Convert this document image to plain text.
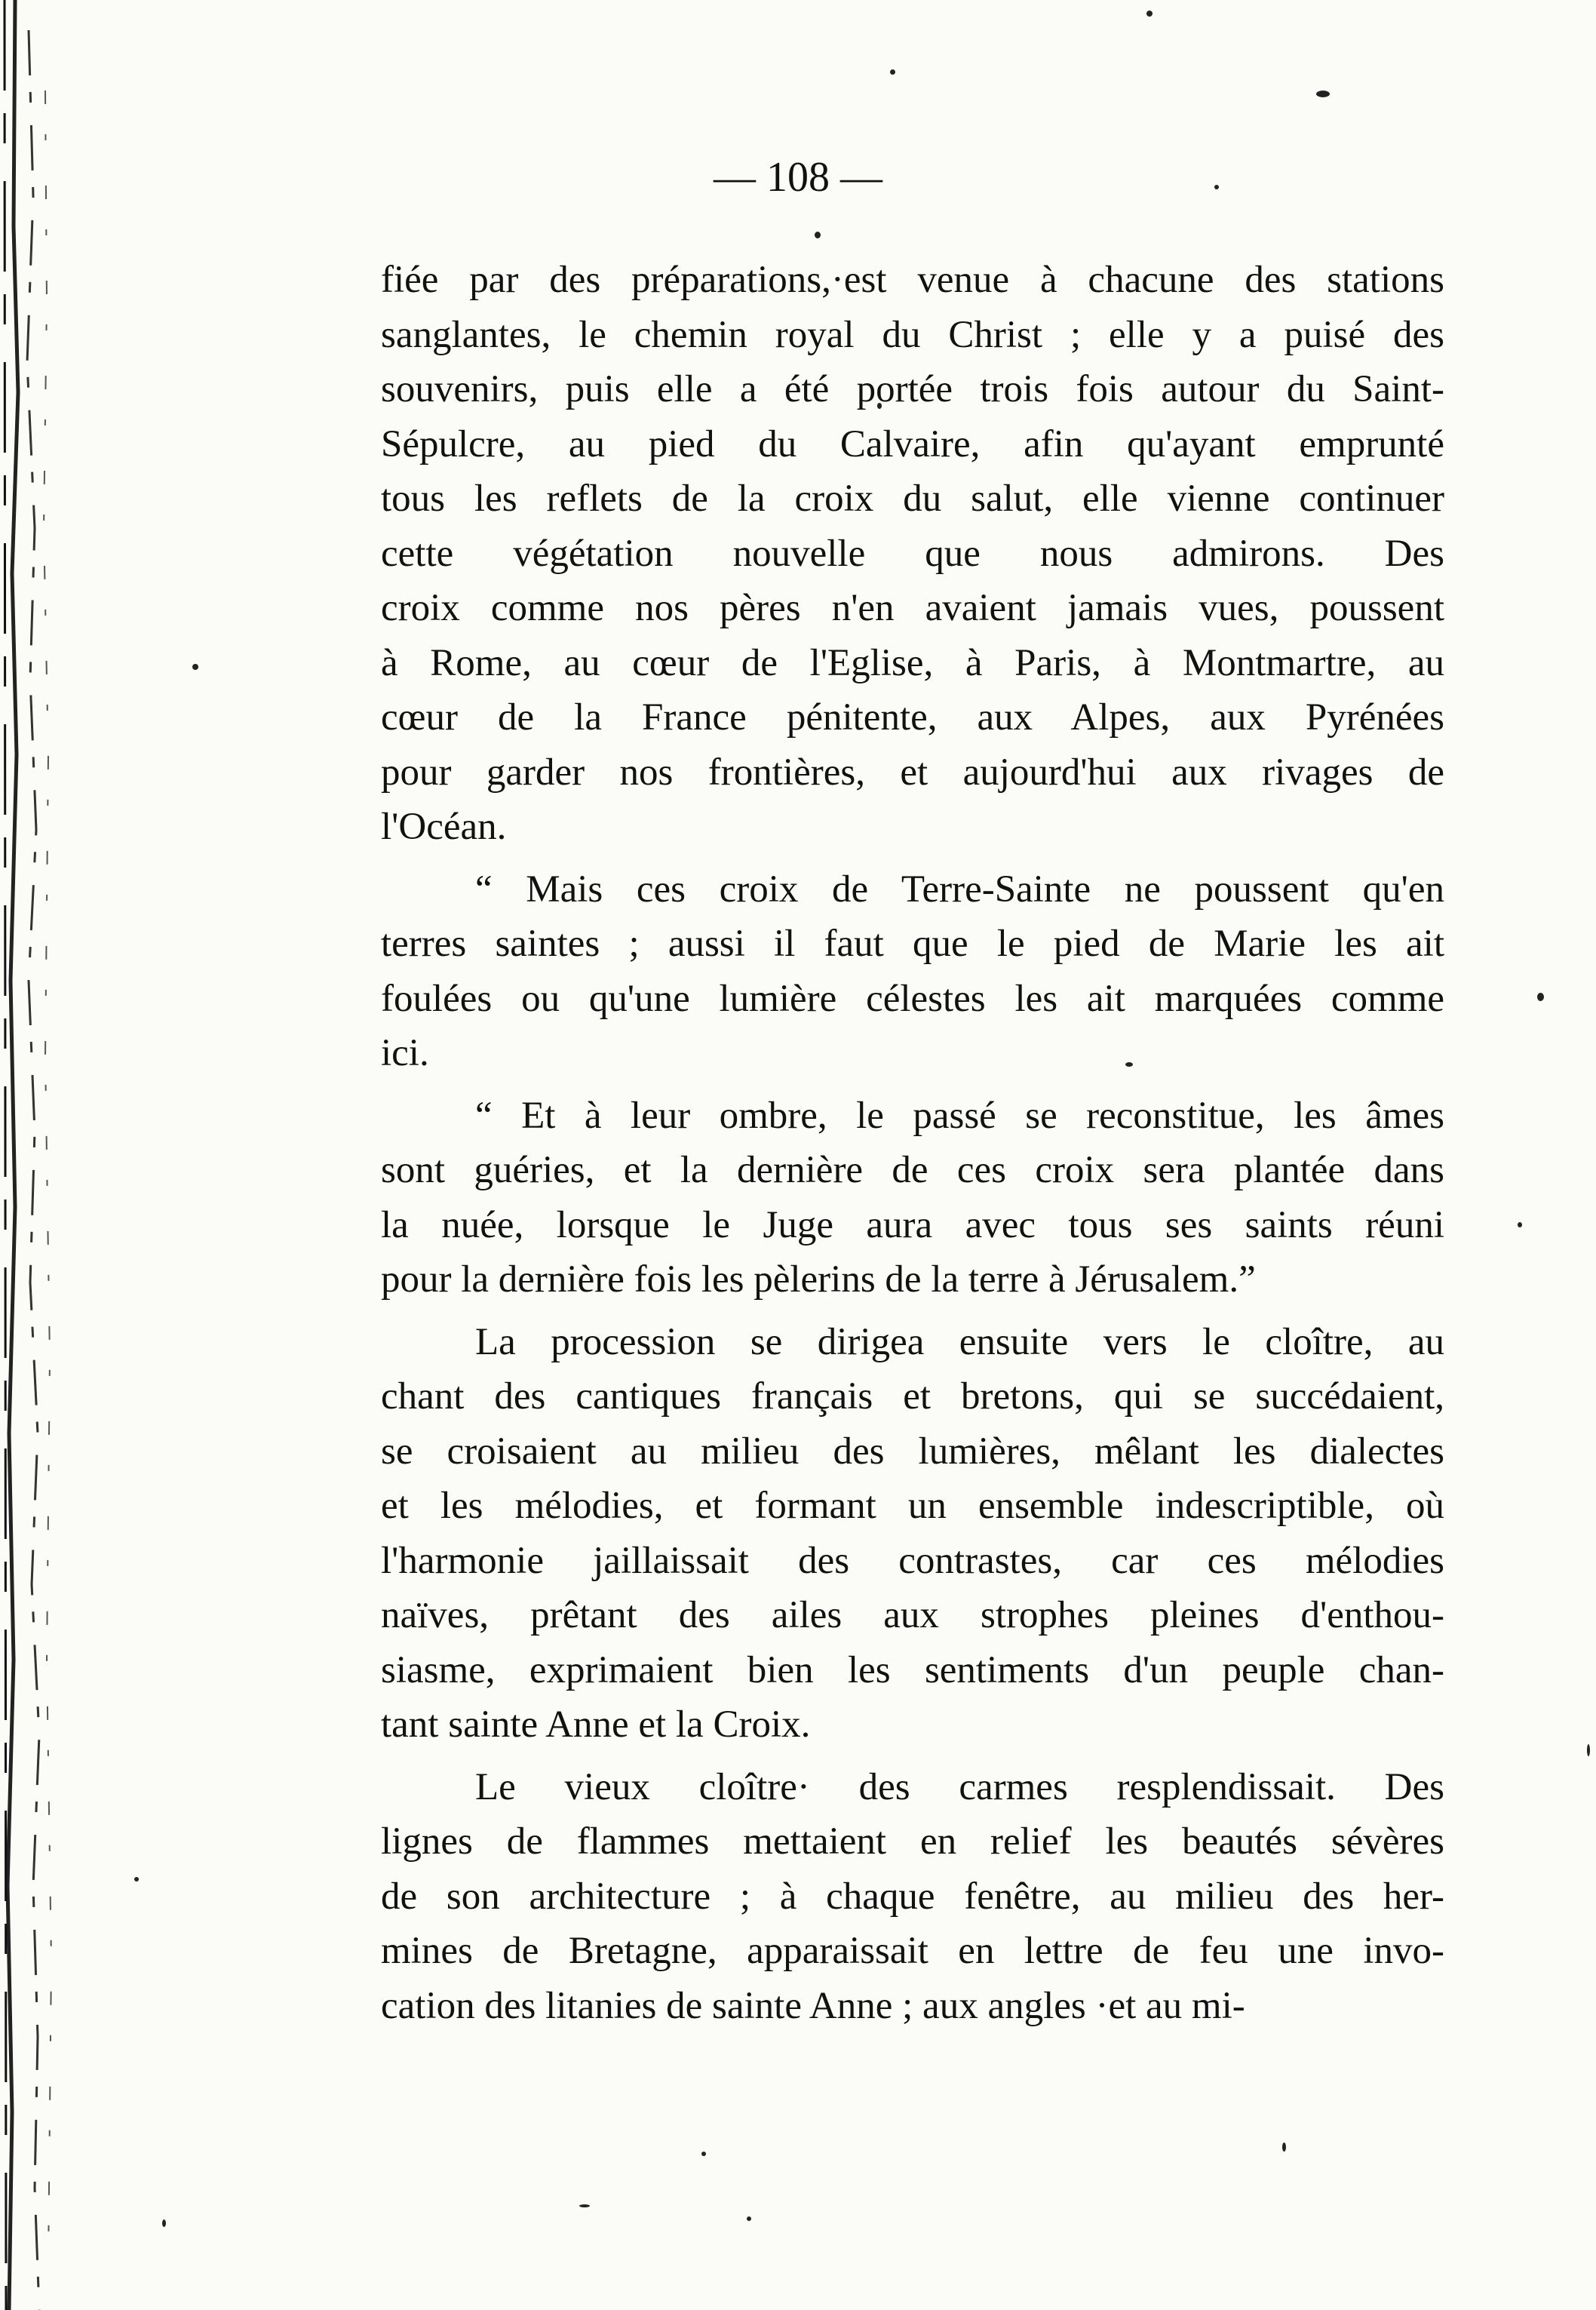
— 108 —
fiée par des préparations,·est venue à chacune des stations
sanglantes, le chemin royal du Christ ; elle y a puisé des
souvenirs, puis elle a été portée trois fois autour du Saint-
Sépulcre, au pied du Calvaire, afin qu'ayant emprunté
tous les reflets de la croix du salut, elle vienne continuer
cette végétation nouvelle que nous admirons. Des
croix comme nos pères n'en avaient jamais vues, poussent
à Rome, au cœur de l'Eglise, à Paris, à Montmartre, au
cœur de la France pénitente, aux Alpes, aux Pyrénées
pour garder nos frontières, et aujourd'hui aux rivages de
l'Océan.
“ Mais ces croix de Terre-Sainte ne poussent qu'en
terres saintes ; aussi il faut que le pied de Marie les ait
foulées ou qu'une lumière célestes les ait marquées comme
ici.
“ Et à leur ombre, le passé se reconstitue, les âmes
sont guéries, et la dernière de ces croix sera plantée dans
la nuée, lorsque le Juge aura avec tous ses saints réuni
pour la dernière fois les pèlerins de la terre à Jérusalem.”
La procession se dirigea ensuite vers le cloître, au
chant des cantiques français et bretons, qui se succédaient,
se croisaient au milieu des lumières, mêlant les dialectes
et les mélodies, et formant un ensemble indescriptible, où
l'harmonie jaillaissait des contrastes, car ces mélodies
naïves, prêtant des ailes aux strophes pleines d'enthou-
siasme, exprimaient bien les sentiments d'un peuple chan-
tant sainte Anne et la Croix.
Le vieux cloître· des carmes resplendissait. Des
lignes de flammes mettaient en relief les beautés sévères
de son architecture ; à chaque fenêtre, au milieu des her-
mines de Bretagne, apparaissait en lettre de feu une invo-
cation des litanies de sainte Anne ; aux angles ·et au mi-
